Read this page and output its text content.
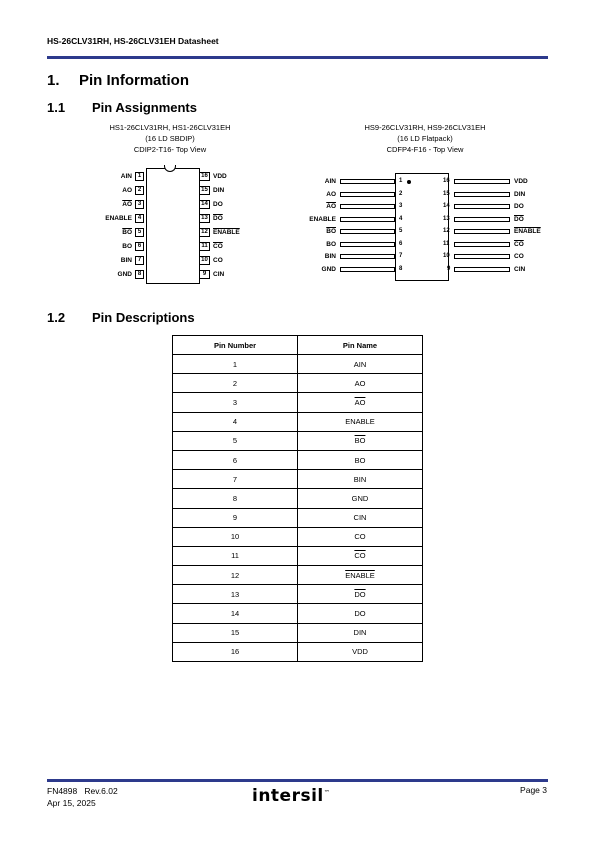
HS-26CLV31RH, HS-26CLV31EH Datasheet
1. Pin Information
1.1 Pin Assignments
HS1-26CLV31RH, HS1-26CLV31EH
(16 LD SBDIP)
CDIP2-T16- Top View
HS9-26CLV31RH, HS9-26CLV31EH
(16 LD Flatpack)
CDFP4-F16 - Top View
AIN 1
AO 2
$\overline{AO}$ 3
ENABLE 4
$\overline{BO}$ 5
BO 6
BIN 7
GND 8
16 VDD
15 DIN
14 DO
13 $\overline{DO}$
12 ENABLE
11 $\overline{CO}$
10 CO
9	CIN
AIN	1
AO	2
$\overline{AO}$	3
ENABLE	4
$\overline{BO}$	5
BO	6
BIN	7
GND	8
16	VDD
15	DIN
14	DO
13	$\overline{DO}$
12	ENABLE
11	$\overline{CO}$
10	CO
9	CIN
1.2 Pin Descriptions
Pin Number	Pin Name
1	AIN
2	AO
3	$\overline{AO}$
4	ENABLE
5	$\overline{BO}$
6	BO
7	BIN
8	GND
9	CIN
10	CO
11	$\overline{CO}$
12	ENABLE
13	$\overline{DO}$
14	DO
15	DIN
16	VDD
FN4898   Rev.6.02
Apr 15, 2025	intersil™	Page 3
